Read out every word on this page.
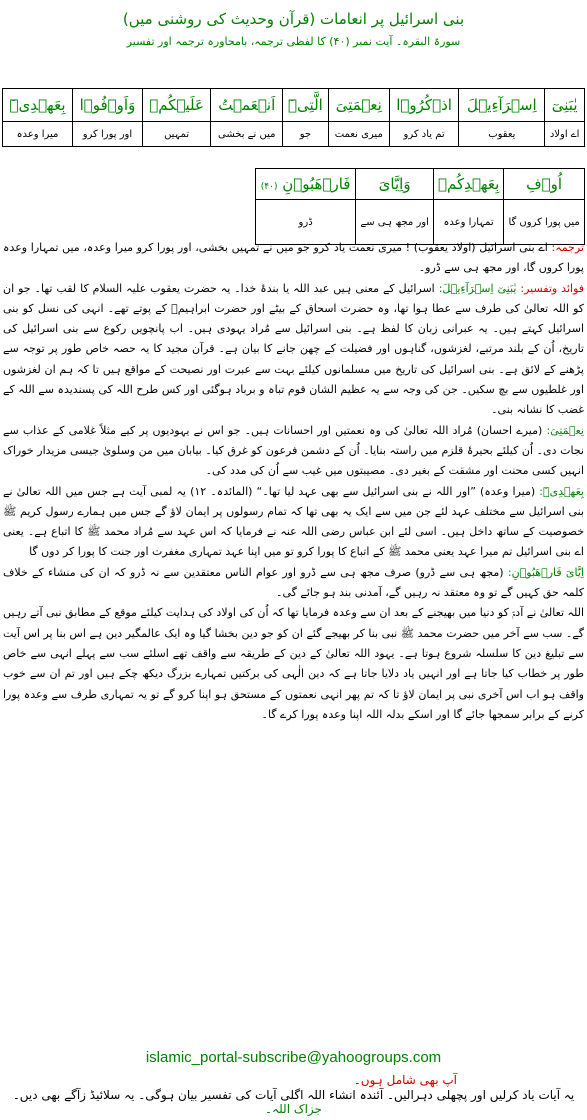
بنی اسرائیل پر انعامات (قرآن وحدیث کی روشنی میں)
سورۃ البقرہ۔ آیت نمبر (۴۰) کا لفظی ترجمہ، بامحاورہ ترجمہ اور تفسیر
يٰبَنِىٓ	اِسۡرَآءِيۡلَ	اذۡكُرُوۡا	نِعۡمَتِىَ	الَّتِىۡٓ	اَنۡعَمۡتُ	عَلَيۡكُمۡ	وَاَوۡفُوۡا	بِعَهۡدِىۡٓ
اے اولاد	یعقوب	تم یاد کرو	میری نعمت	جو	میں نے بخشی	تمہیں	اور پورا کرو	میرا وعدہ
اُوۡفِ	بِعَهۡدِكُمۡ	وَاِيَّاىَ	فَارۡهَبُوۡنِ (۴۰)
میں پورا کروں گا	تمہارا وعدہ	اور مجھ ہی سے	ڈرو

ترجمہ: اے بنی اسرائیل (اولاد یعقوب) ! میری نعمت یاد کرو جو میں نے تمہیں بخشی، اور پورا کرو میرا وعدہ، میں تمہارا وعدہ پورا کروں گا، اور مجھ ہی سے ڈرو۔

فوائد وتفسیر: يٰبَنِىٓ اِسۡرَآءِيۡلَ: اسرائیل کے معنی ہیں عبد اللہ یا بندۂ خدا۔ یہ حضرت یعقوب علیہ السلام کا لقب تھا۔ جو ان کو اللہ تعالیٰ کی طرف سے عطا ہوا تھا، وہ حضرت اسحاق کے بیٹے اور حضرت ابراہیمؑ کے پوتے تھے۔ انہی کی نسل کو بنی اسرائیل کہتے ہیں۔ یہ عبرانی زبان کا لفظ ہے۔ بنی اسرائیل سے مُراد یہودی ہیں۔ اب پانچویں رکوع سے بنی اسرائیل کی تاریخ، اُن کے بلند مرتبے، لغزشوں، گناہوں اور فضیلت کے چھن جانے کا بیان ہے۔ قرآن مجید کا یہ حصہ خاص طور پر توجہ سے پڑھنے کے لائق ہے۔ بنی اسرائیل کی تاریخ میں مسلمانوں کیلئے بہت سے عبرت اور نصیحت کے مواقع ہیں تا کہ ہم ان لغزشوں اور غلطیوں سے بچ سکیں۔ جن کی وجہ سے یہ عظیم الشان قوم تباہ و برباد ہوگئی اور کس طرح اللہ کی پسندیدہ سے اللہ کے غضب کا نشانہ بنی۔

نِعۡمَتِىَ: (میرے احسان) مُراد اللہ تعالیٰ کی وہ نعمتیں اور احسانات ہیں۔ جو اس نے یہودیوں پر کیے مثلاً غلامی کے عذاب سے نجات دی۔ اُن کیلئے بحیرۂ قلزم میں راستہ بنایا۔ اُن کے دشمن فرعون کو غرق کیا۔ بیابان میں من وسلویٰ جیسی مزیدار خوراک انہیں کسی محنت اور مشقت کے بغیر دی۔ مصیبتوں میں غیب سے اُن کی مدد کی۔

بِعَهۡدِىۡٓ: (میرا وعدہ) ”اور اللہ نے بنی اسرائیل سے بھی عہد لیا تھا۔“ (المائدہ۔ ۱۲) یہ لمبی آیت ہے جس میں اللہ تعالیٰ نے بنی اسرائیل سے مختلف عہد لئے جن میں سے ایک یہ بھی تھا کہ تمام رسولوں پر ایمان لاؤ گے جس میں ہمارے رسول کریم ﷺ خصوصیت کے ساتھ داخل ہیں۔ اسی لئے ابن عباس رضی اللہ عنہ نے فرمایا کہ اس عہد سے مُراد محمد ﷺ کا اتباع ہے۔ یعنی اے بنی اسرائیل تم میرا عہد یعنی محمد ﷺ کے اتباع کا پورا کرو تو میں اپنا عہد تمہاری مغفرت اور جنت کا پورا کر دوں گا

اِيَّاىَ فَارۡهَبُوۡنِ: (مجھ ہی سے ڈرو) صرف مجھ ہی سے ڈرو اور عوام الناس معتقدین سے نہ ڈرو کہ ان کی منشاء کے خلاف کلمہ حق کہیں گے تو وہ معتقد نہ رہیں گے، آمدنی بند ہو جائے گی۔

اللہ تعالیٰ نے آدمؑ کو دنیا میں بھیجنے کے بعد ان سے وعدہ فرمایا تھا کہ اُن کی اولاد کی ہدایت کیلئے موقع کے مطابق نبی آتے رہیں گے۔ سب سے آخر میں حضرت محمد ﷺ نبی بنا کر بھیجے گئے ان کو جو دین بخشا گیا وہ ایک عالمگیر دین ہے اس بنا پر اس آیت سے تبلیغ دین کا سلسلہ شروع ہوتا ہے۔ یہود اللہ تعالیٰ کے دین کے طریقہ سے واقف تھے اسلئے سب سے پہلے انہی سے خاص طور پر خطاب کیا جاتا ہے اور انہیں یاد دلایا جاتا ہے کہ دین الٰہی کی برکتیں تمہارے بزرگ دیکھ چکے ہیں اور تم ان سے خوب واقف ہو اب اس آخری نبی پر ایمان لاؤ تا کہ تم پھر انہی نعمتوں کے مستحق ہو اپنا کرو گے تو یہ تمہاری طرف سے وعدہ پورا کرنے کے برابر سمجھا جائے گا اور اسکے بدلہ اللہ اپنا وعدہ پورا کرے گا۔

islamic_portal-subscribe@yahoogroups.com
آپ بھی شامل ہوں۔
یہ آیات یاد کرلیں اور پچھلی دہرالیں۔ آئندہ انشاء اللہ اگلی آیات کی تفسیر بیان ہوگی۔ یہ سلائیڈ زآگے بھی دیں۔ جزاک اللہ۔
